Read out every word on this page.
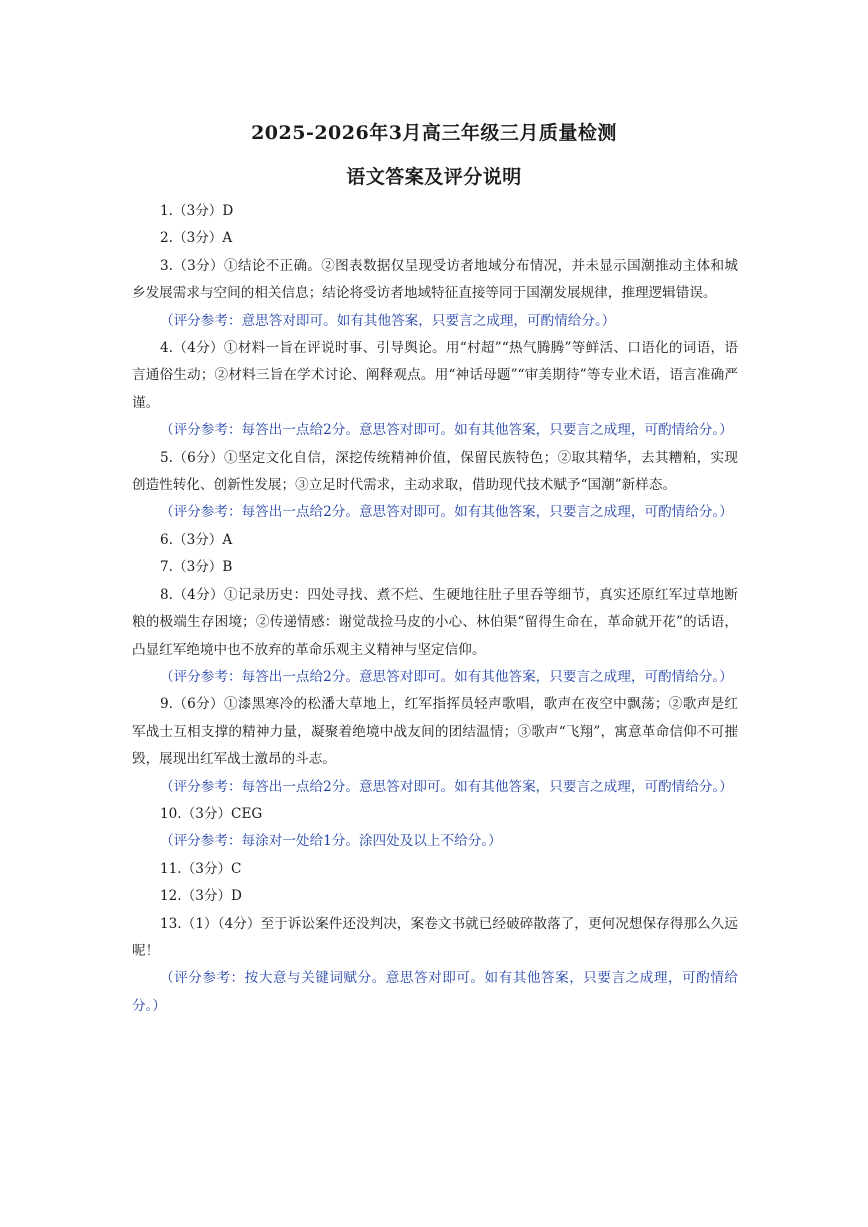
2025-2026年3月高三年级三月质量检测
语文答案及评分说明

1.（3分）D

2.（3分）A

3.（3分）①结论不正确。②图表数据仅呈现受访者地域分布情况，并未显示国潮推动主体和城乡发展需求与空间的相关信息；结论将受访者地域特征直接等同于国潮发展规律，推理逻辑错误。

（评分参考：意思答对即可。如有其他答案，只要言之成理，可酌情给分。）

4.（4分）①材料一旨在评说时事、引导舆论。用“村超”“热气腾腾”等鲜活、口语化的词语，语言通俗生动；②材料三旨在学术讨论、阐释观点。用“神话母题”“审美期待”等专业术语，语言准确严谨。

（评分参考：每答出一点给2分。意思答对即可。如有其他答案，只要言之成理，可酌情给分。）

5.（6分）①坚定文化自信，深挖传统精神价值，保留民族特色；②取其精华，去其糟粕，实现创造性转化、创新性发展；③立足时代需求，主动求取，借助现代技术赋予“国潮”新样态。

（评分参考：每答出一点给2分。意思答对即可。如有其他答案，只要言之成理，可酌情给分。）

6.（3分）A

7.（3分）B

8.（4分）①记录历史：四处寻找、煮不烂、生硬地往肚子里吞等细节，真实还原红军过草地断粮的极端生存困境；②传递情感：谢觉哉捡马皮的小心、林伯渠“留得生命在，革命就开花”的话语，凸显红军绝境中也不放弃的革命乐观主义精神与坚定信仰。

（评分参考：每答出一点给2分。意思答对即可。如有其他答案，只要言之成理，可酌情给分。）

9.（6分）①漆黑寒冷的松潘大草地上，红军指挥员轻声歌唱，歌声在夜空中飘荡；②歌声是红军战士互相支撑的精神力量，凝聚着绝境中战友间的团结温情；③歌声“飞翔”，寓意革命信仰不可摧毁，展现出红军战士激昂的斗志。

（评分参考：每答出一点给2分。意思答对即可。如有其他答案，只要言之成理，可酌情给分。）

10.（3分）CEG

（评分参考：每涂对一处给1分。涂四处及以上不给分。）

11.（3分）C

12.（3分）D

13.（1）（4分）至于诉讼案件还没判决，案卷文书就已经破碎散落了，更何况想保存得那么久远呢！

（评分参考：按大意与关键词赋分。意思答对即可。如有其他答案，只要言之成理，可酌情给分。）
